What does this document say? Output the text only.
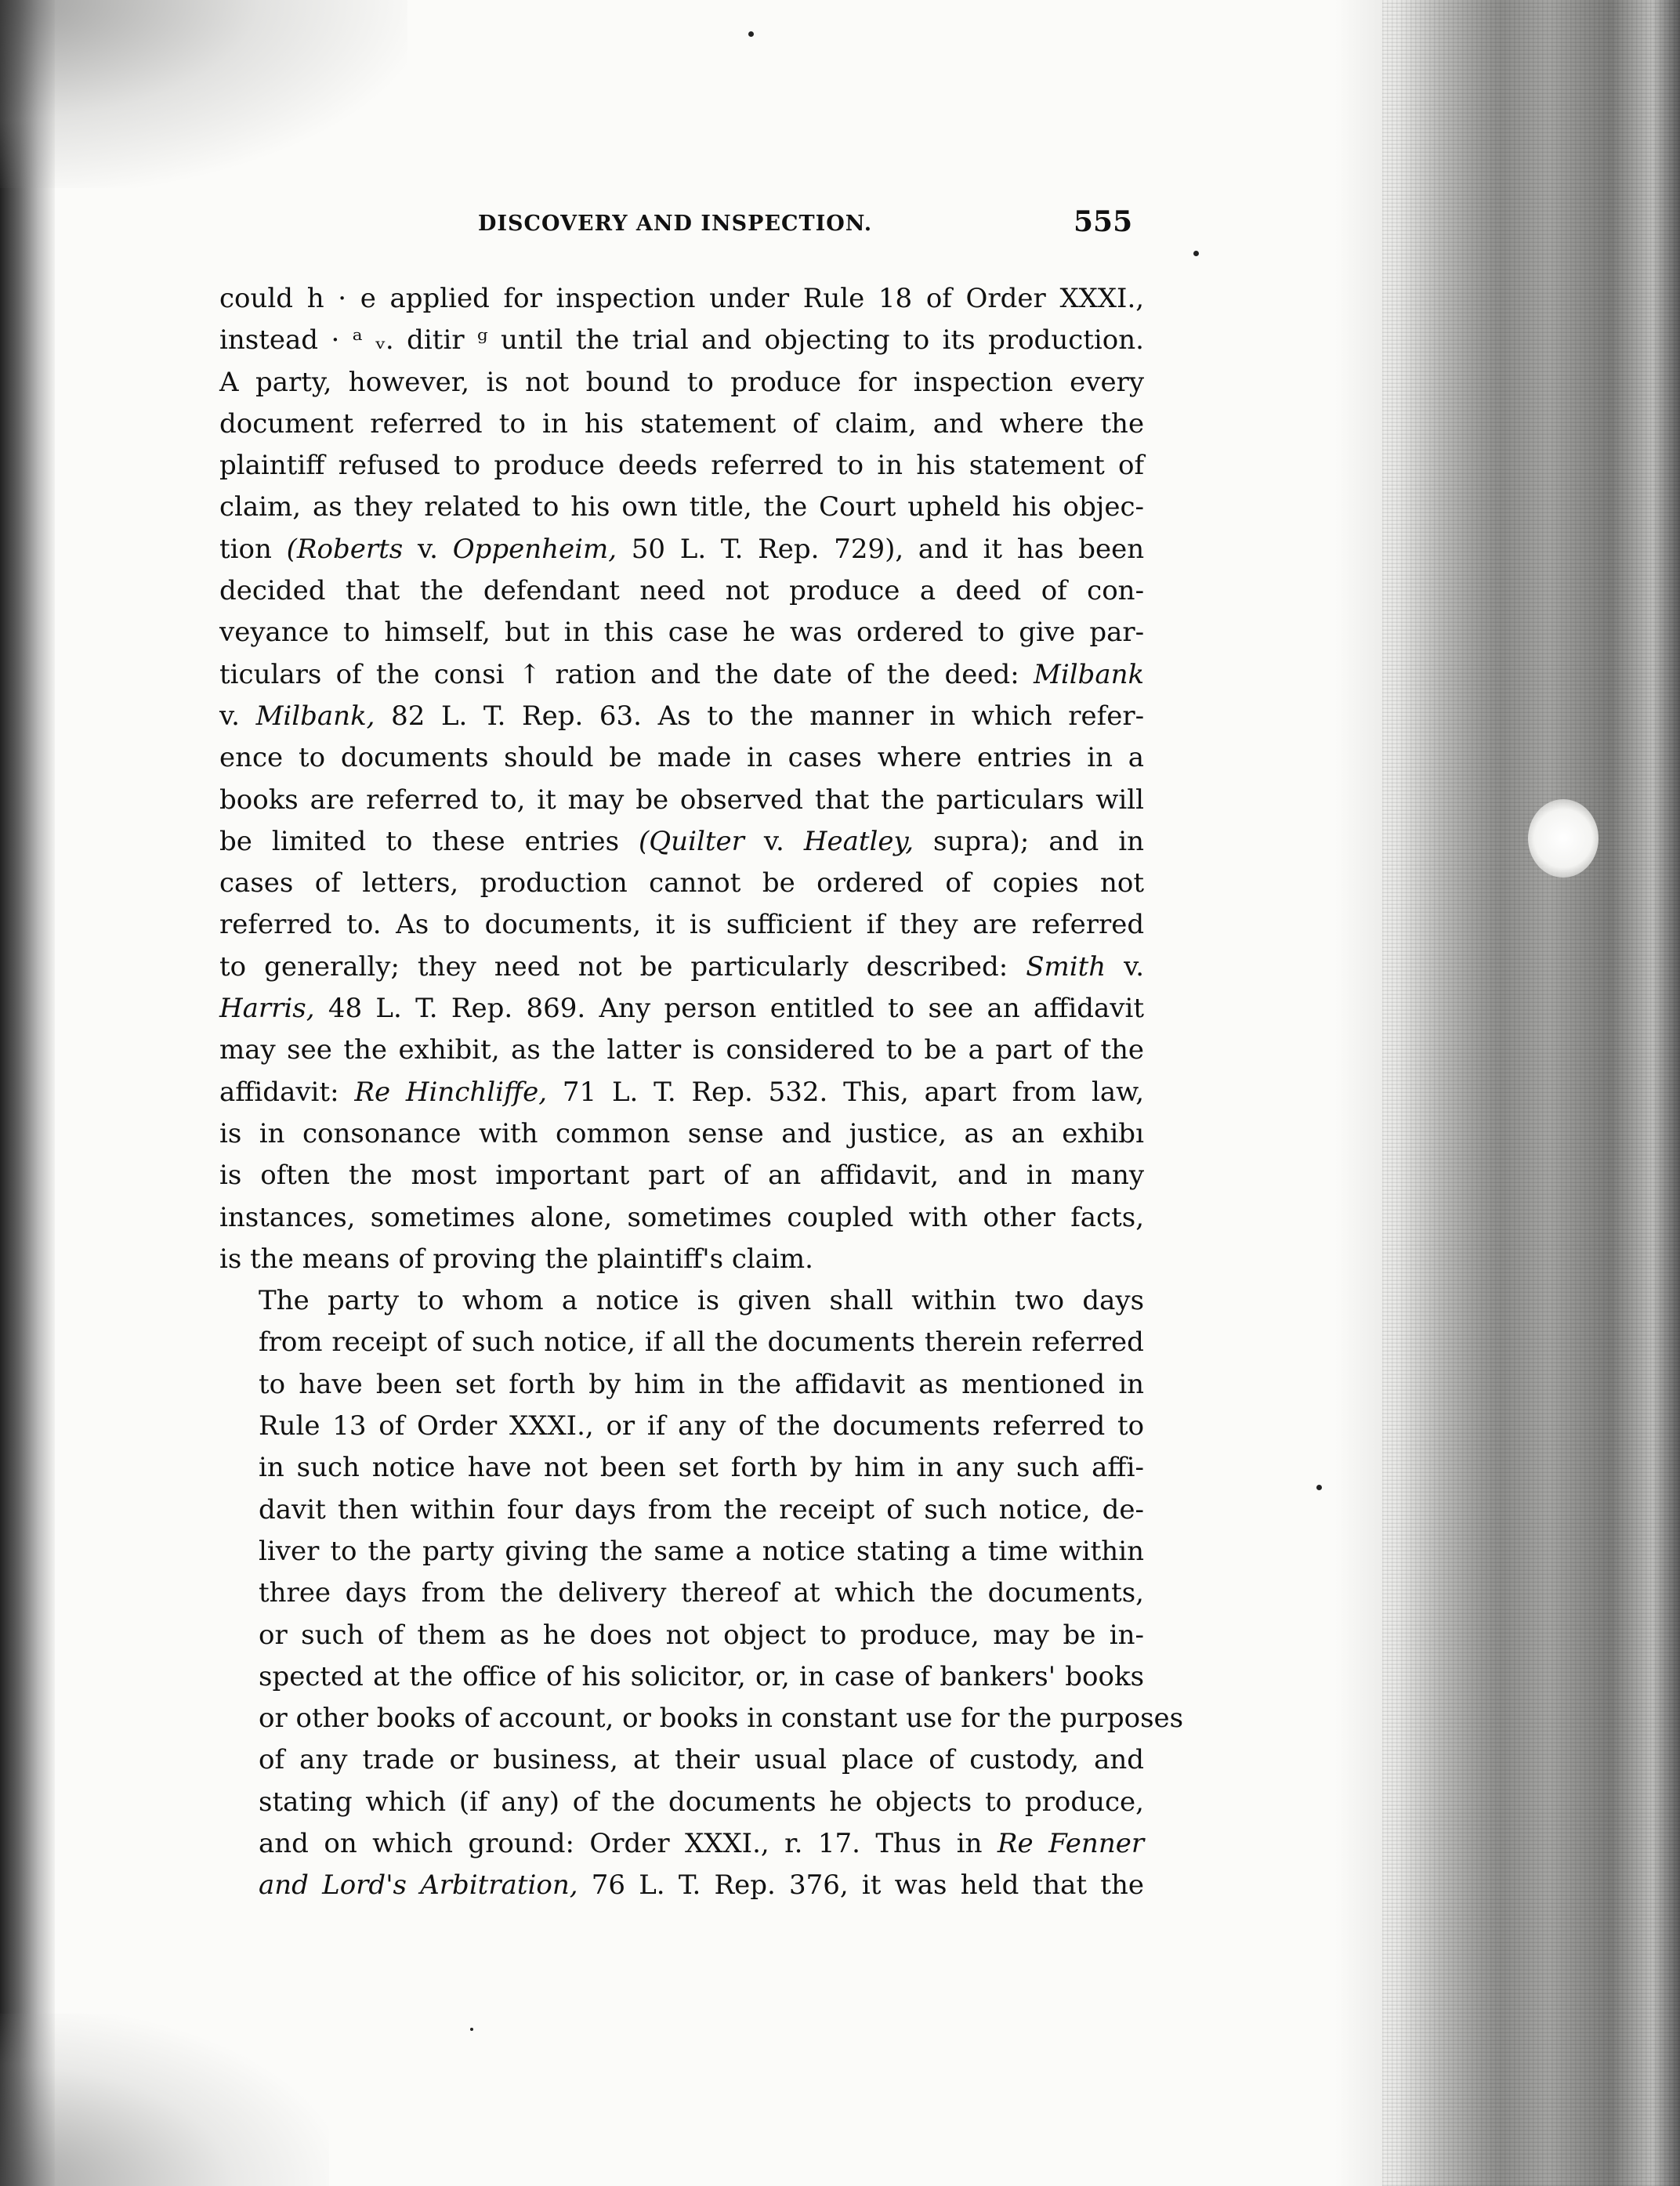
DISCOVERY AND INSPECTION.	555

could h · e applied for inspection under Rule 18 of Order XXXI.,
instead · ᵃ ᵥ. ditir ᵍ until the trial and objecting to its production.
A party, however, is not bound to produce for inspection every
document referred to in his statement of claim, and where the
plaintiff refused to produce deeds referred to in his statement of
claim, as they related to his own title, the Court upheld his objec-
tion (Roberts v. Oppenheim, 50 L. T. Rep. 729), and it has been
decided that the defendant need not produce a deed of con-
veyance to himself, but in this case he was ordered to give par-
ticulars of the consi ↑ ration and the date of the deed: Milbank
v. Milbank, 82 L. T. Rep. 63. As to the manner in which refer-
ence to documents should be made in cases where entries in a
books are referred to, it may be observed that the particulars will
be limited to these entries (Quilter v. Heatley, supra); and in
cases of letters, production cannot be ordered of copies not
referred to. As to documents, it is sufficient if they are referred
to generally; they need not be particularly described: Smith v.
Harris, 48 L. T. Rep. 869. Any person entitled to see an affidavit
may see the exhibit, as the latter is considered to be a part of the
affidavit: Re Hinchliffe, 71 L. T. Rep. 532. This, apart from law,
is in consonance with common sense and justice, as an exhibı
is often the most important part of an affidavit, and in many
instances, sometimes alone, sometimes coupled with other facts,
is the means of proving the plaintiff's claim.

The party to whom a notice is given shall within two days
from receipt of such notice, if all the documents therein referred
to have been set forth by him in the affidavit as mentioned in
Rule 13 of Order XXXI., or if any of the documents referred to
in such notice have not been set forth by him in any such affi-
davit then within four days from the receipt of such notice, de-
liver to the party giving the same a notice stating a time within
three days from the delivery thereof at which the documents,
or such of them as he does not object to produce, may be in-
spected at the office of his solicitor, or, in case of bankers' books
or other books of account, or books in constant use for the purposes
of any trade or business, at their usual place of custody, and
stating which (if any) of the documents he objects to produce,
and on which ground: Order XXXI., r. 17. Thus in Re Fenner
and Lord's Arbitration, 76 L. T. Rep. 376, it was held that the
